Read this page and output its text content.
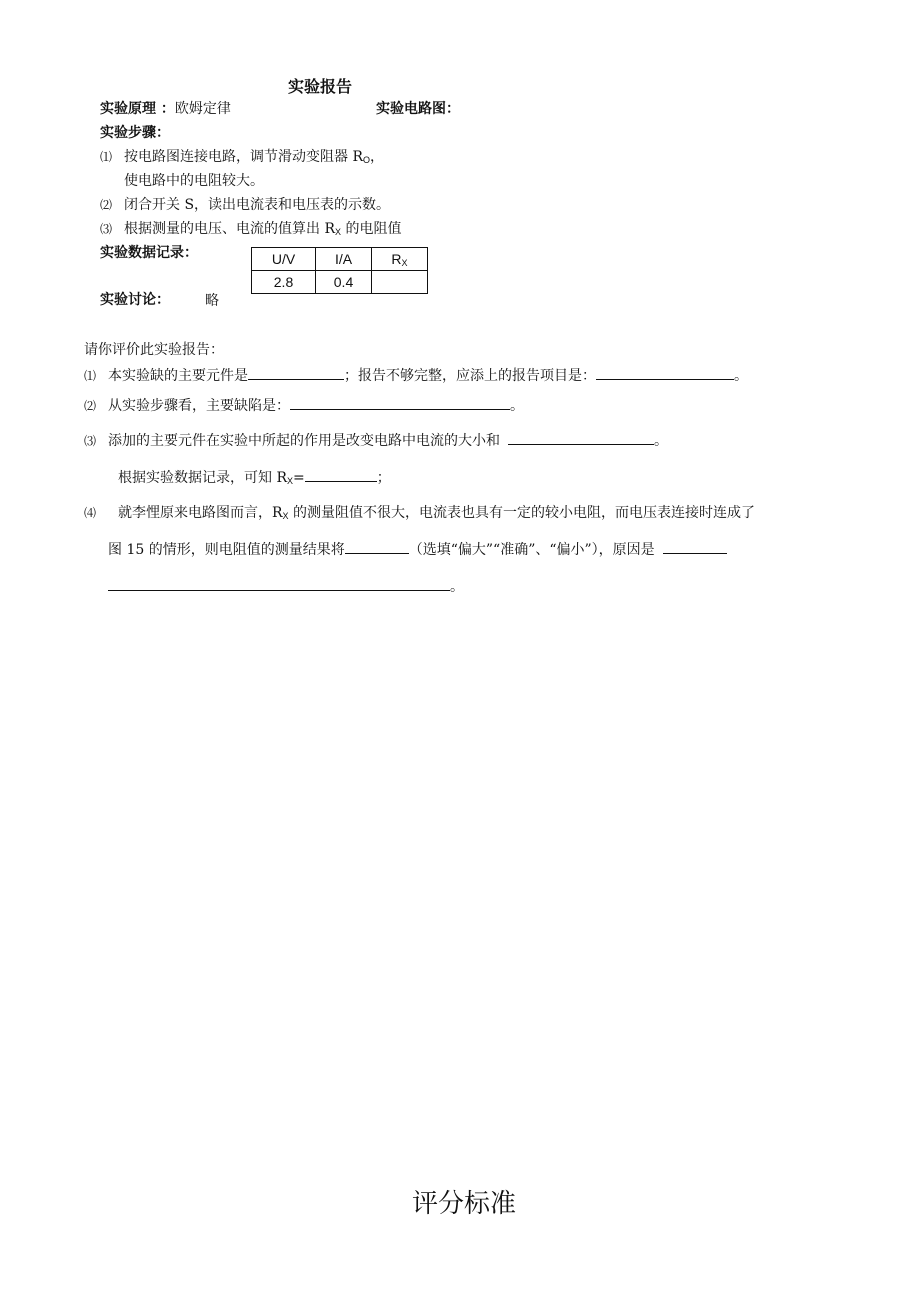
实验报告
实验原理 ：欧姆定律	实验电路图：
实验步骤：
⑴ 按电路图连接电路，调节滑动变阻器 $R_O$，
使电路中的电阻较大。
⑵ 闭合开关 S，读出电流表和电压表的示数。
⑶ 根据测量的电压、电流的值算出 $R_X$ 的电阻值
实验数据记录：	U/V	I/A	$R_X$
2.8	0.4	
实验讨论：	略
请你评价此实验报告：
⑴ 本实验缺的主要元件是	；报告不够完整，应添上的报告项目是：	。
⑵ 从实验步骤看，主要缺陷是：	。
⑶ 添加的主要元件在实验中所起的作用是改变电路中电流的大小和	。
根据实验数据记录，可知 $R_X=$	；
⑷ 就李悝原来电路图而言，$R_X$ 的测量阻值不很大，电流表也具有一定的较小电阻，而电压表连接时连成了
图 15 的情形，则电阻值的测量结果将	（选填“偏大”“准确”、“偏小”），原因是
。
评分标准
